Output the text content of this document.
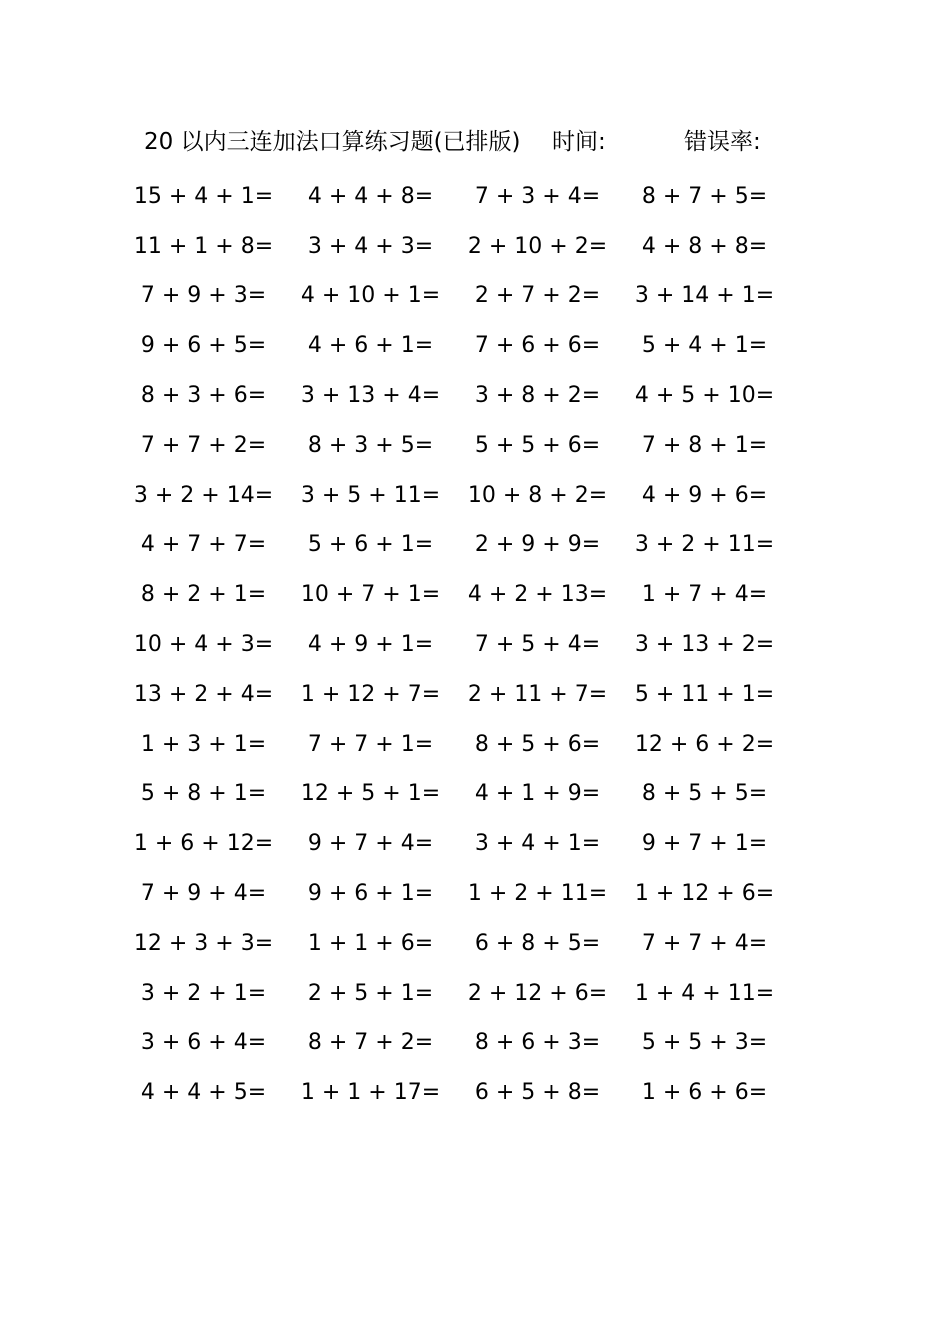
20 以内三连加法口算练习题(已排版) 时间:	错误率:
15 + 4 + 1=	4 + 4 + 8=	7 + 3 + 4=	8 + 7 + 5=
11 + 1 + 8=	3 + 4 + 3=	2 + 10 + 2=	4 + 8 + 8=
7 + 9 + 3=	4 + 10 + 1=	2 + 7 + 2=	3 + 14 + 1=
9 + 6 + 5=	4 + 6 + 1=	7 + 6 + 6=	5 + 4 + 1=
8 + 3 + 6=	3 + 13 + 4=	3 + 8 + 2=	4 + 5 + 10=
7 + 7 + 2=	8 + 3 + 5=	5 + 5 + 6=	7 + 8 + 1=
3 + 2 + 14=	3 + 5 + 11=	10 + 8 + 2=	4 + 9 + 6=
4 + 7 + 7=	5 + 6 + 1=	2 + 9 + 9=	3 + 2 + 11=
8 + 2 + 1=	10 + 7 + 1=	4 + 2 + 13=	1 + 7 + 4=
10 + 4 + 3=	4 + 9 + 1=	7 + 5 + 4=	3 + 13 + 2=
13 + 2 + 4=	1 + 12 + 7=	2 + 11 + 7=	5 + 11 + 1=
1 + 3 + 1=	7 + 7 + 1=	8 + 5 + 6=	12 + 6 + 2=
5 + 8 + 1=	12 + 5 + 1=	4 + 1 + 9=	8 + 5 + 5=
1 + 6 + 12=	9 + 7 + 4=	3 + 4 + 1=	9 + 7 + 1=
7 + 9 + 4=	9 + 6 + 1=	1 + 2 + 11=	1 + 12 + 6=
12 + 3 + 3=	1 + 1 + 6=	6 + 8 + 5=	7 + 7 + 4=
3 + 2 + 1=	2 + 5 + 1=	2 + 12 + 6=	1 + 4 + 11=
3 + 6 + 4=	8 + 7 + 2=	8 + 6 + 3=	5 + 5 + 3=
4 + 4 + 5=	1 + 1 + 17=	6 + 5 + 8=	1 + 6 + 6=
